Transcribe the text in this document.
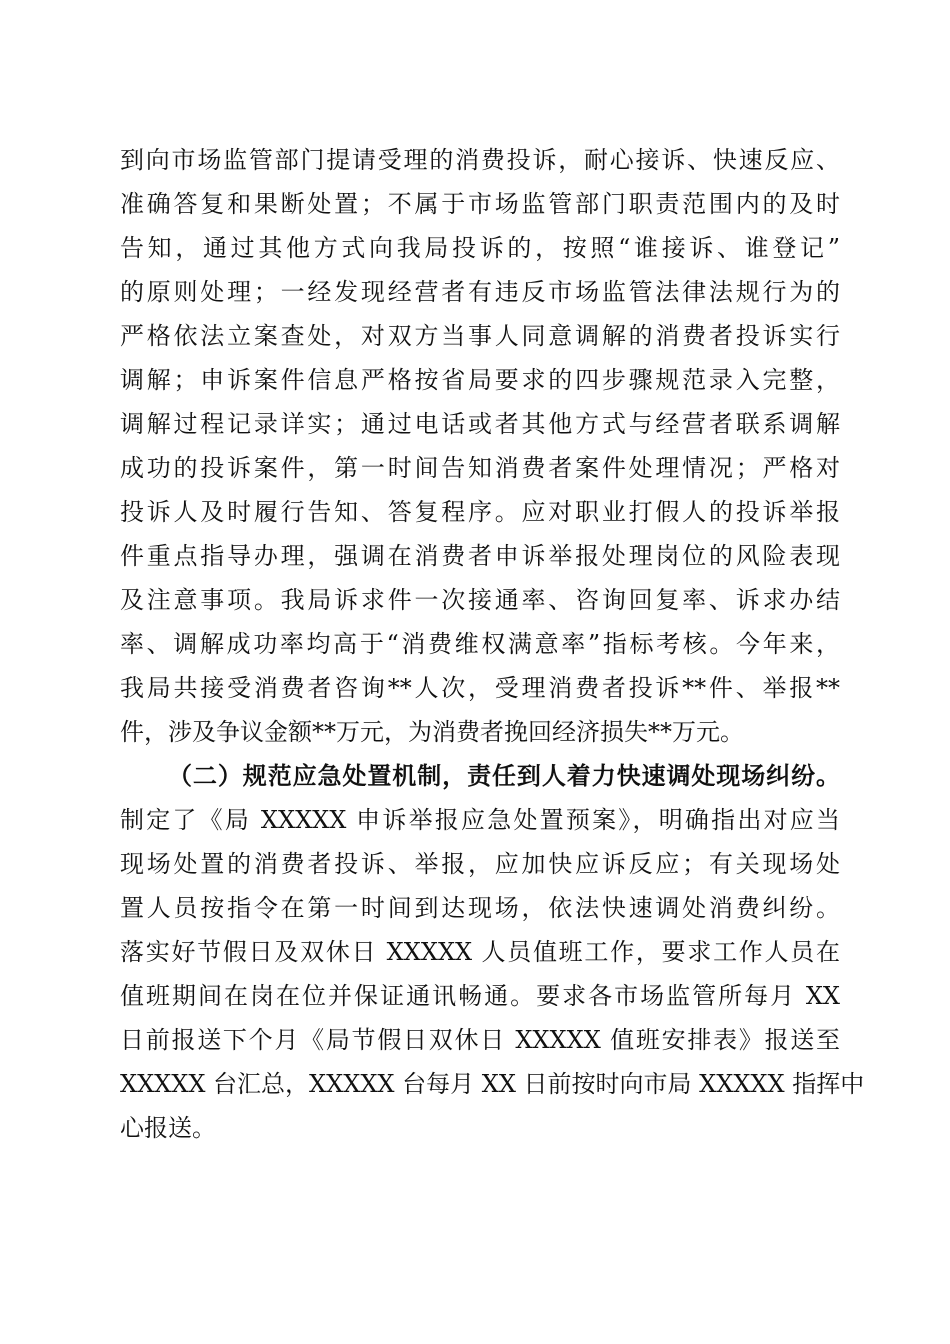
到向市场监管部门提请受理的消费投诉，耐心接诉、快速反应、
准确答复和果断处置；不属于市场监管部门职责范围内的及时
告知，通过其他方式向我局投诉的，按照“谁接诉、谁登记”
的原则处理；一经发现经营者有违反市场监管法律法规行为的
严格依法立案查处，对双方当事人同意调解的消费者投诉实行
调解；申诉案件信息严格按省局要求的四步骤规范录入完整，
调解过程记录详实；通过电话或者其他方式与经营者联系调解
成功的投诉案件，第一时间告知消费者案件处理情况；严格对
投诉人及时履行告知、答复程序。应对职业打假人的投诉举报
件重点指导办理，强调在消费者申诉举报处理岗位的风险表现
及注意事项。我局诉求件一次接通率、咨询回复率、诉求办结
率、调解成功率均高于“消费维权满意率”指标考核。今年来，
我局共接受消费者咨询**人次，受理消费者投诉**件、举报**
件，涉及争议金额**万元，为消费者挽回经济损失**万元。
（二）规范应急处置机制，责任到人着力快速调处现场纠纷。
制定了《局 XXXXX 申诉举报应急处置预案》，明确指出对应当
现场处置的消费者投诉、举报，应加快应诉反应；有关现场处
置人员按指令在第一时间到达现场，依法快速调处消费纠纷。
落实好节假日及双休日 XXXXX 人员值班工作，要求工作人员在
值班期间在岗在位并保证通讯畅通。要求各市场监管所每月 XX
日前报送下个月《局节假日双休日 XXXXX 值班安排表》报送至
XXXXX 台汇总，XXXXX 台每月 XX 日前按时向市局 XXXXX 指挥中
心报送。
